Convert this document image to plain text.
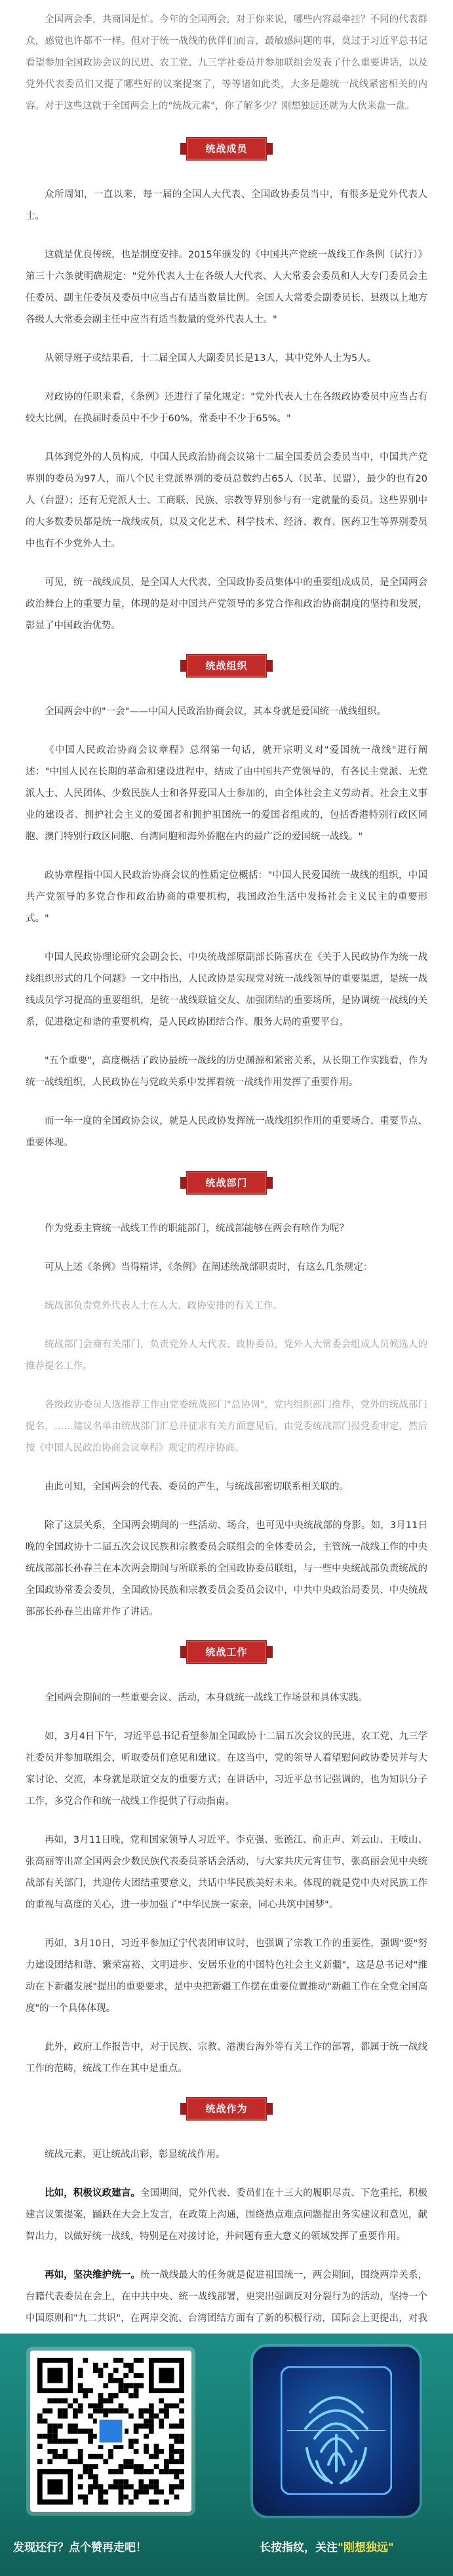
全国两会季，共商国是忙。今年的全国两会，对于你来说，哪些内容最牵挂？不同的代表群众，感觉也许都不一样。但对于统一战线的伙伴们而言，最敏感问题的事，莫过于习近平总书记看望参加全国政协会议的民进、农工党、九三学社委员并参加联组会发表了什么重要讲话，以及党外代表委员们又提了哪些好的议案提案了，等等诸如此类，大多是趣统一战线紧密相关的内容。对于这些这就于全国两会上的"统战元素"，你了解多少？刚想独远还就为大伙来盘一盘。

统战成员

众所周知，一直以来，每一届的全国人大代表、全国政协委员当中，有很多是党外代表人士。

这就是优良传统，也是制度安排。2015年颁发的《中国共产党统一战线工作条例（试行）》第三十六条就明确规定："党外代表人士在各级人大代表、人大常委会委员和人大专门委员会主任委员、副主任委员及委员中应当占有适当数量比例。全国人大常委会副委员长、县级以上地方各级人大常委会副主任中应当有适当数量的党外代表人士。"

从领导班子或结果看，十二届全国人大副委员长是13人，其中党外人士为5人。

对政协的任职来看，《条例》还进行了量化规定："党外代表人士在各级政协委员中应当占有较大比例，在换届时委员中不少于60%，常委中不少于65%。"

具体到党外的人员构成，中国人民政治协商会议第十二届全国委员会委员当中，中国共产党界别的委员为97人，而八个民主党派界别的委员总数约占65人（民革、民盟），最少的也有20人（台盟）；还有无党派人士、工商联、民族、宗教等界别参与有一定就量的委员。这些界别中的大多数委员都是统一战线成员，以及文化艺术、科学技术、经济、教育、医药卫生等界别委员中也有不少党外人士。

可见，统一战线成员，是全国人大代表、全国政协委员集体中的重要组成成员，是全国两会政治舞台上的重要力量，体现的是对中国共产党领导的多党合作和政治协商制度的坚持和发展，彰显了中国政治优势。

统战组织

全国两会中的"一会"——中国人民政治协商会议，其本身就是爱国统一战线组织。

《中国人民政治协商会议章程》总纲第一句话，就开宗明义对"爱国统一战线"进行阐述："中国人民在长期的革命和建设进程中，结成了由中国共产党领导的，有各民主党派、无党派人士、人民团体、少数民族人士和各界爱国人士参加的，由全体社会主义劳动者、社会主义事业的建设者、拥护社会主义的爱国者和拥护祖国统一的爱国者组成的，包括香港特别行政区同胞、澳门特别行政区同胞、台湾同胞和海外侨胞在内的最广泛的爱国统一战线。"

政协章程指中国人民政治协商会议的性质定位概括："中国人民爱国统一战线的组织，中国共产党领导的多党合作和政治协商的重要机构，我国政治生活中发扬社会主义民主的重要形式。"

中国人民政协理论研究会副会长、中央统战部原副部长陈喜庆在《关于人民政协作为统一战线组织形式的几个问题》一文中指出，人民政协是实现党对统一战线领导的重要渠道，是统一战线成员学习提高的重要组织，是统一战线联谊交友、加强团结的重要场所，是协调统一战线的关系，促进稳定和谐的重要机构，是人民政协团结合作、服务大局的重要平台。

"五个重要"，高度概括了政协最统一战线的历史渊源和紧密关系，从长期工作实践看，作为统一战线组织，人民政协在与党政关系中发挥着统一战线作用发挥了重要作用。

而一年一度的全国政协会议，就是人民政协发挥统一战线组织作用的重要场合、重要节点、重要体现。

统战部门

作为党委主管统一战线工作的职能部门，统战部能够在两会有啥作为呢？

可从上述《条例》当得精详，《条例》在阐述统战部职责时，有这么几条规定：

统战部负责党外代表人士在人大、政协安排的有关工作。

统战部门会商有关部门，负责党外人大代表、政协委员，党外人大常委会组成人员候选人的推荐提名工作。

各级政协委员人选推荐工作由党委统战部门"总协调"，党内组织部门推荐，党外的统战部门提名，……建议名单由统战部门汇总并征求有关方面意见后，由党委统战部门报党委审定，然后按《中国人民政治协商会议章程》规定的程序协商。

由此可知，全国两会的代表、委员的产生，与统战部密切联系相关联的。

除了这层关系，全国两会期间的一些活动、场合，也可见中央统战部的身影。如，3月11日晚的全国政协十二届五次会议民族和宗教委员会联组会的全体委员会，主管统一战线工作的中央统战部部长孙春兰在本次两会期间与所联系的全国政协委员联组，与一些中央统战部负责统战的全国政协常委会委员，全国政协民族和宗教委员会委员会议中，中共中央政治局委员、中央统战部部长孙春兰出席并作了讲话。

统战工作

全国两会期间的一些重要会议、活动，本身就统一战线工作场景和具体实践。

如，3月4日下午，习近平总书记看望参加全国政协十二届五次会议的民进、农工党、九三学社委员并参加联组会，听取委员们意见和建议。在这当中，党的领导人看望慰问政协委员并与大家讨论、交流，本身就是联谊交友的重要方式；在讲话中，习近平总书记强调的，也为知识分子工作，多党合作和统一战线工作提供了行动指南。

再如，3月11日晚，党和国家领导人习近平、李克强、张德江、俞正声、刘云山、王岐山、张高丽等出席全国两会少数民族代表委员茶话会活动，与大家共庆元宵佳节，张高丽会见中央统战部有关部门，共迎传大团结重要意义，共话中华民族美好未来。体现的就是党中央对民族工作的重视与高度的关心，进一步加强了"中华民族一家亲，同心共筑中国梦"。

再如，3月10日，习近平参加辽宁代表团审议时，也强调了宗教工作的重要性，强调"要"努力建设团结和谐、繁荣富裕、文明进步、安居乐业的中国特色社会主义新疆"，这是总书记对"推动在下新疆发展"提出的重要要求，是中央把新疆工作摆在重要位置推动"新疆工作在全党全国高度"的一个具体体现。

此外，政府工作报告中，对于民族、宗教、港澳台海外等有关工作的部署，都属于统一战线工作的范畴，统战工作在其中是重点。

统战作为

统战元素，更让统战出彩，彰显统战作用。

比如，积极议政建言。全国期间，党外代表、委员们在十三大的履职尽责、下危重托，积极建言议策提案，踊跃在大会上发言，在政策上沟通，围绕热点难点问题提出务实建议和意见，献智出力，以做好统一战线，特别是在对接讨论，并问题有重大意义的领域发挥了重要作用。

再如，坚决维护统一。统一战线最大的任务就是促进祖国统一，两会期间，围绕两岸关系，台籍代表委员在会上，在中共中央、统一战线部署，更突出强调反对分裂行为的活动，坚持一个中国原则和"九二共识"，在两岸交流、台湾团结方面有了新的积极行动，国际会上更提出，对我

发现还行？点个赞再走吧！	长按指纹，关注"刚想独远"
